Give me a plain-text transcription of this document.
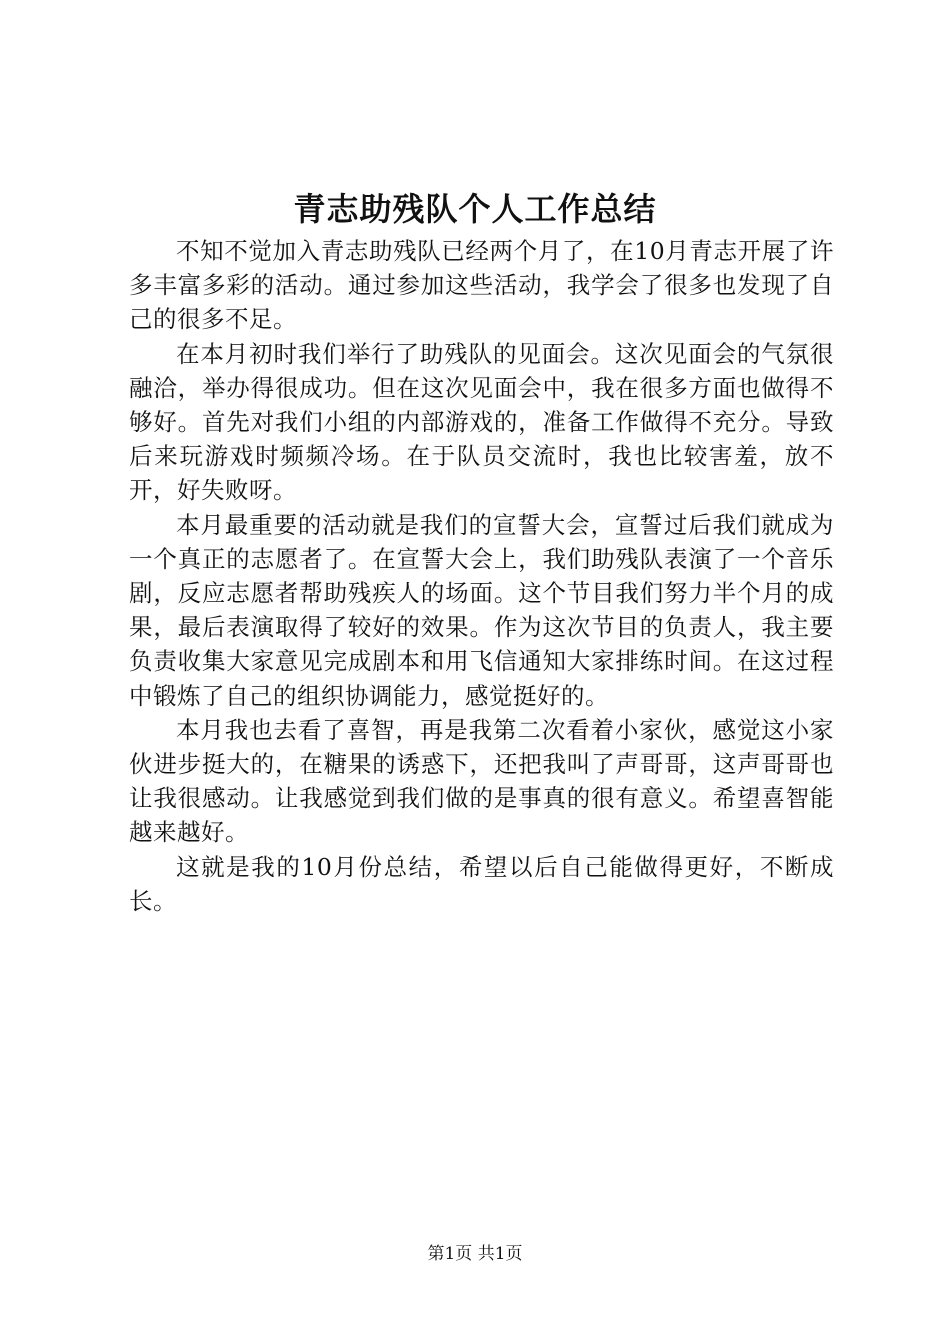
青志助残队个人工作总结

不知不觉加入青志助残队已经两个月了，在10月青志开展了许多丰富多彩的活动。通过参加这些活动，我学会了很多也发现了自己的很多不足。

在本月初时我们举行了助残队的见面会。这次见面会的气氛很融洽，举办得很成功。但在这次见面会中，我在很多方面也做得不够好。首先对我们小组的内部游戏的，准备工作做得不充分。导致后来玩游戏时频频冷场。在于队员交流时，我也比较害羞，放不开，好失败呀。

本月最重要的活动就是我们的宣誓大会，宣誓过后我们就成为一个真正的志愿者了。在宣誓大会上，我们助残队表演了一个音乐剧，反应志愿者帮助残疾人的场面。这个节目我们努力半个月的成果，最后表演取得了较好的效果。作为这次节目的负责人，我主要负责收集大家意见完成剧本和用飞信通知大家排练时间。在这过程中锻炼了自己的组织协调能力，感觉挺好的。

本月我也去看了喜智，再是我第二次看着小家伙，感觉这小家伙进步挺大的，在糖果的诱惑下，还把我叫了声哥哥，这声哥哥也让我很感动。让我感觉到我们做的是事真的很有意义。希望喜智能越来越好。

这就是我的10月份总结，希望以后自己能做得更好，不断成长。

第1页 共1页
